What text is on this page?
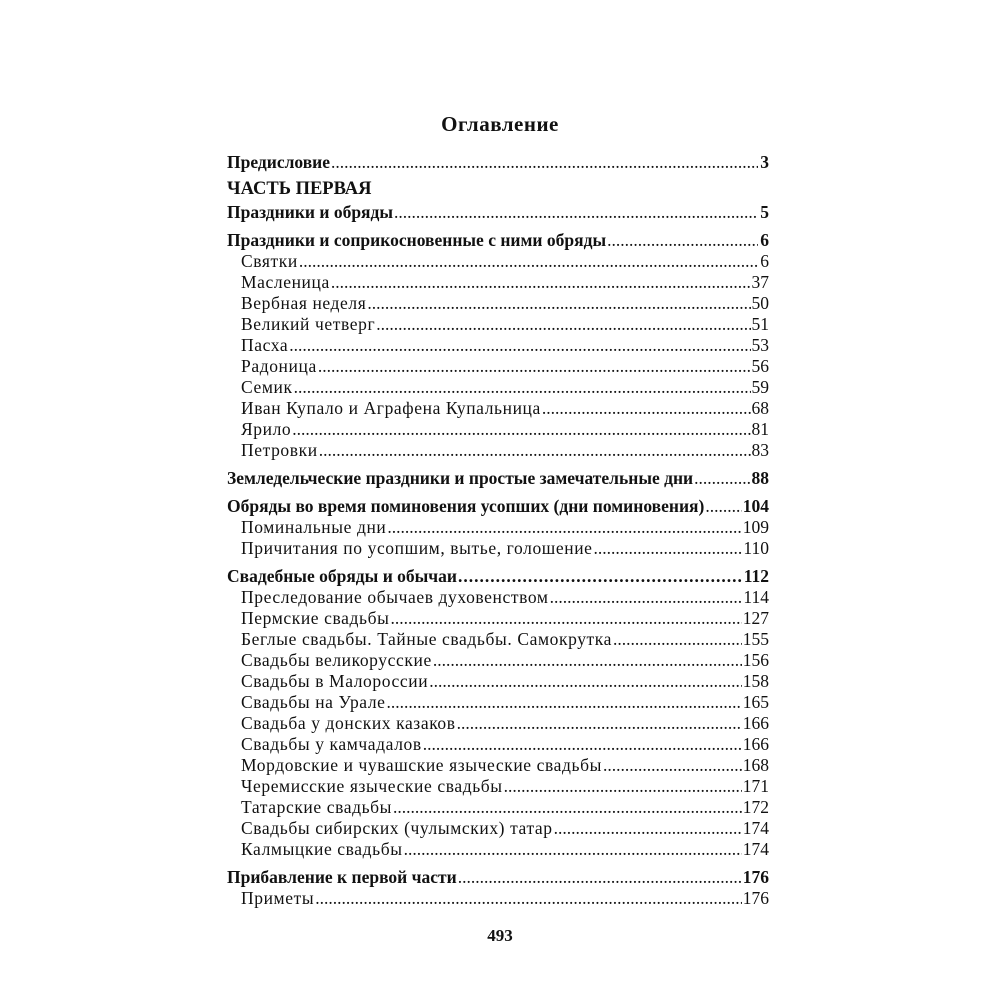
Оглавление
Предисловие .....	3
ЧАСТЬ ПЕРВАЯ
Праздники и обряды .....	5
Праздники и соприкосновенные с ними обряды .....	6
Святки .....	6
Масленица .....	37
Вербная неделя .....	50
Великий четверг .....	51
Пасха .....	53
Радоница .....	56
Семик .....	59
Иван Купало и Аграфена Купальница .....	68
Ярило .....	81
Петровки .....	83
Земледельческие праздники и простые замечательные дни .....	88
Обряды во время поминовения усопших (дни поминовения) ..... 104
Поминальные дни .....	109
Причитания по усопшим, вытье, голошение .....	110
Свадебные обряды и обычаи .....	112
Преследование обычаев духовенством .....	114
Пермские свадьбы .....	127
Беглые свадьбы. Тайные свадьбы. Самокрутка .....	155
Свадьбы великорусские .....	156
Свадьбы в Малороссии .....	158
Свадьбы на Урале .....	165
Свадьба у донских казаков .....	166
Свадьбы у камчадалов .....	166
Мордовские и чувашские языческие свадьбы .....	168
Черемисские языческие свадьбы .....	171
Татарские свадьбы .....	172
Свадьбы сибирских (чулымских) татар .....	174
Калмыцкие свадьбы .....	174
Прибавление к первой части .....	176
Приметы .....	176
493
